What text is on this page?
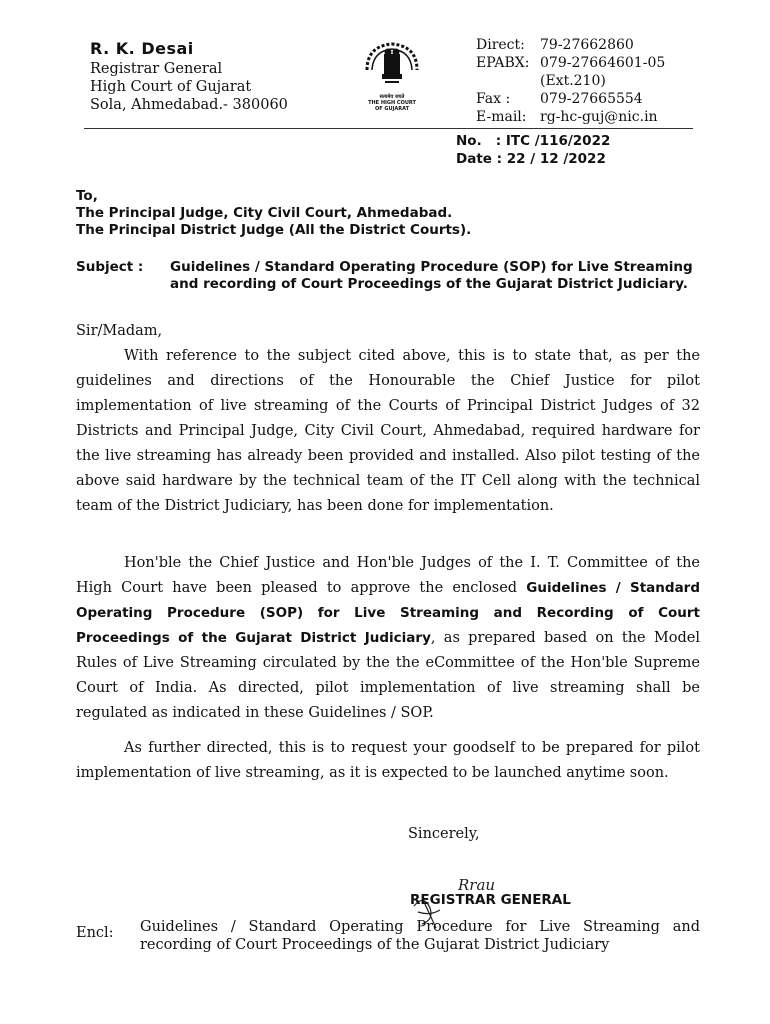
R. K. Desai
Registrar General
High Court of Gujarat
Sola, Ahmedabad.- 380060	सत्यमेव जयते
THE HIGH COURT
OF GUJARAT
Direct:	79-27662860
EPABX:	079-27664601-05
	(Ext.210)
Fax :	079-27665554
E-mail:	rg-hc-guj@nic.in
No.   : ITC /116/2022
Date : 22 / 12 /2022
To,
The Principal Judge, City Civil Court, Ahmedabad.
The Principal District Judge (All the District Courts).
Subject : Guidelines / Standard Operating Procedure (SOP) for Live Streaming and recording of Court Proceedings of the Gujarat District Judiciary.
Sir/Madam,
With reference to the subject cited above, this is to state that, as per the guidelines and directions of the Honourable the Chief Justice for pilot implementation of live streaming of the Courts of Principal District Judges of 32 Districts and Principal Judge, City Civil Court, Ahmedabad, required hardware for the live streaming has already been provided and installed. Also pilot testing of the above said hardware by the technical team of the IT Cell along with the technical team of the District Judiciary, has been done for implementation.
Hon'ble the Chief Justice and Hon'ble Judges of the I. T. Committee of the High Court have been pleased to approve the enclosed Guidelines / Standard Operating Procedure (SOP) for Live Streaming and Recording of Court Proceedings of the Gujarat District Judiciary, as prepared based on the Model Rules of Live Streaming circulated by the the eCommittee of the Hon'ble Supreme Court of India. As directed, pilot implementation of live streaming shall be regulated as indicated in these Guidelines / SOP.
As further directed, this is to request your goodself to be prepared for pilot implementation of live streaming, as it is expected to be launched anytime soon.
Sincerely,
Rrau
REGISTRAR GENERAL
Encl: Guidelines / Standard Operating Procedure for Live Streaming and recording of Court Proceedings of the Gujarat District Judiciary
